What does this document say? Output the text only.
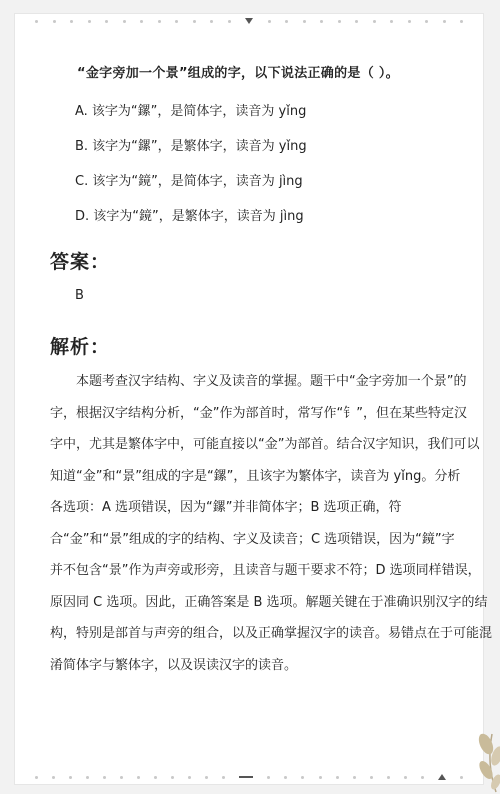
“金字旁加一个景”组成的字，以下说法正确的是（ ）。
A. 该字为“鏍”，是简体字，读音为 yǐng
B. 该字为“鏍”，是繁体字，读音为 yǐng
C. 该字为“鏡”，是简体字，读音为 jìng
D. 该字为“鏡”，是繁体字，读音为 jìng
答案：
B
解析：

本题考查汉字结构、字义及读音的掌握。题干中“金字旁加一个景”的

字，根据汉字结构分析，“金”作为部首时，常写作“钅”，但在某些特定汉

字中，尤其是繁体字中，可能直接以“金”为部首。结合汉字知识，我们可以

知道“金”和“景”组成的字是“鏍”，且该字为繁体字，读音为 yǐng。分析

各选项：A 选项错误，因为“鏍”并非简体字；B 选项正确，符

合“金”和“景”组成的字的结构、字义及读音；C 选项错误，因为“鏡”字

并不包含“景”作为声旁或形旁，且读音与题干要求不符；D 选项同样错误，

原因同 C 选项。因此，正确答案是 B 选项。解题关键在于准确识别汉字的结

构，特别是部首与声旁的组合，以及正确掌握汉字的读音。易错点在于可能混

淆简体字与繁体字，以及误读汉字的读音。
